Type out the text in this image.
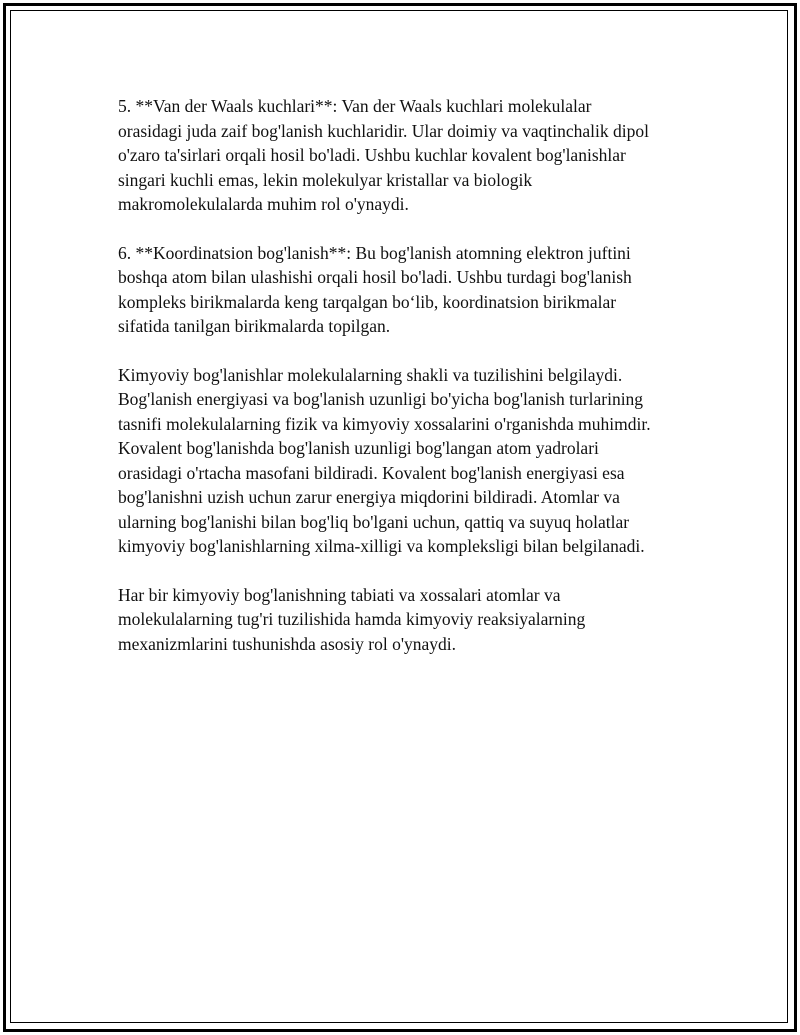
5. **Van der Waals kuchlari**: Van der Waals kuchlari molekulalar
orasidagi juda zaif bog'lanish kuchlaridir. Ular doimiy va vaqtinchalik dipol
o'zaro ta'sirlari orqali hosil bo'ladi. Ushbu kuchlar kovalent bog'lanishlar
singari kuchli emas, lekin molekulyar kristallar va biologik
makromolekulalarda muhim rol o'ynaydi.

6. **Koordinatsion bog'lanish**: Bu bog'lanish atomning elektron juftini
boshqa atom bilan ulashishi orqali hosil bo'ladi. Ushbu turdagi bog'lanish
kompleks birikmalarda keng tarqalgan bo‘lib, koordinatsion birikmalar
sifatida tanilgan birikmalarda topilgan.

Kimyoviy bog'lanishlar molekulalarning shakli va tuzilishini belgilaydi.
Bog'lanish energiyasi va bog'lanish uzunligi bo'yicha bog'lanish turlarining
tasnifi molekulalarning fizik va kimyoviy xossalarini o'rganishda muhimdir.
Kovalent bog'lanishda bog'lanish uzunligi bog'langan atom yadrolari
orasidagi o'rtacha masofani bildiradi. Kovalent bog'lanish energiyasi esa
bog'lanishni uzish uchun zarur energiya miqdorini bildiradi. Atomlar va
ularning bog'lanishi bilan bog'liq bo'lgani uchun, qattiq va suyuq holatlar
kimyoviy bog'lanishlarning xilma-xilligi va kompleksligi bilan belgilanadi.

Har bir kimyoviy bog'lanishning tabiati va xossalari atomlar va
molekulalarning tug'ri tuzilishida hamda kimyoviy reaksiyalarning
mexanizmlarini tushunishda asosiy rol o'ynaydi.
